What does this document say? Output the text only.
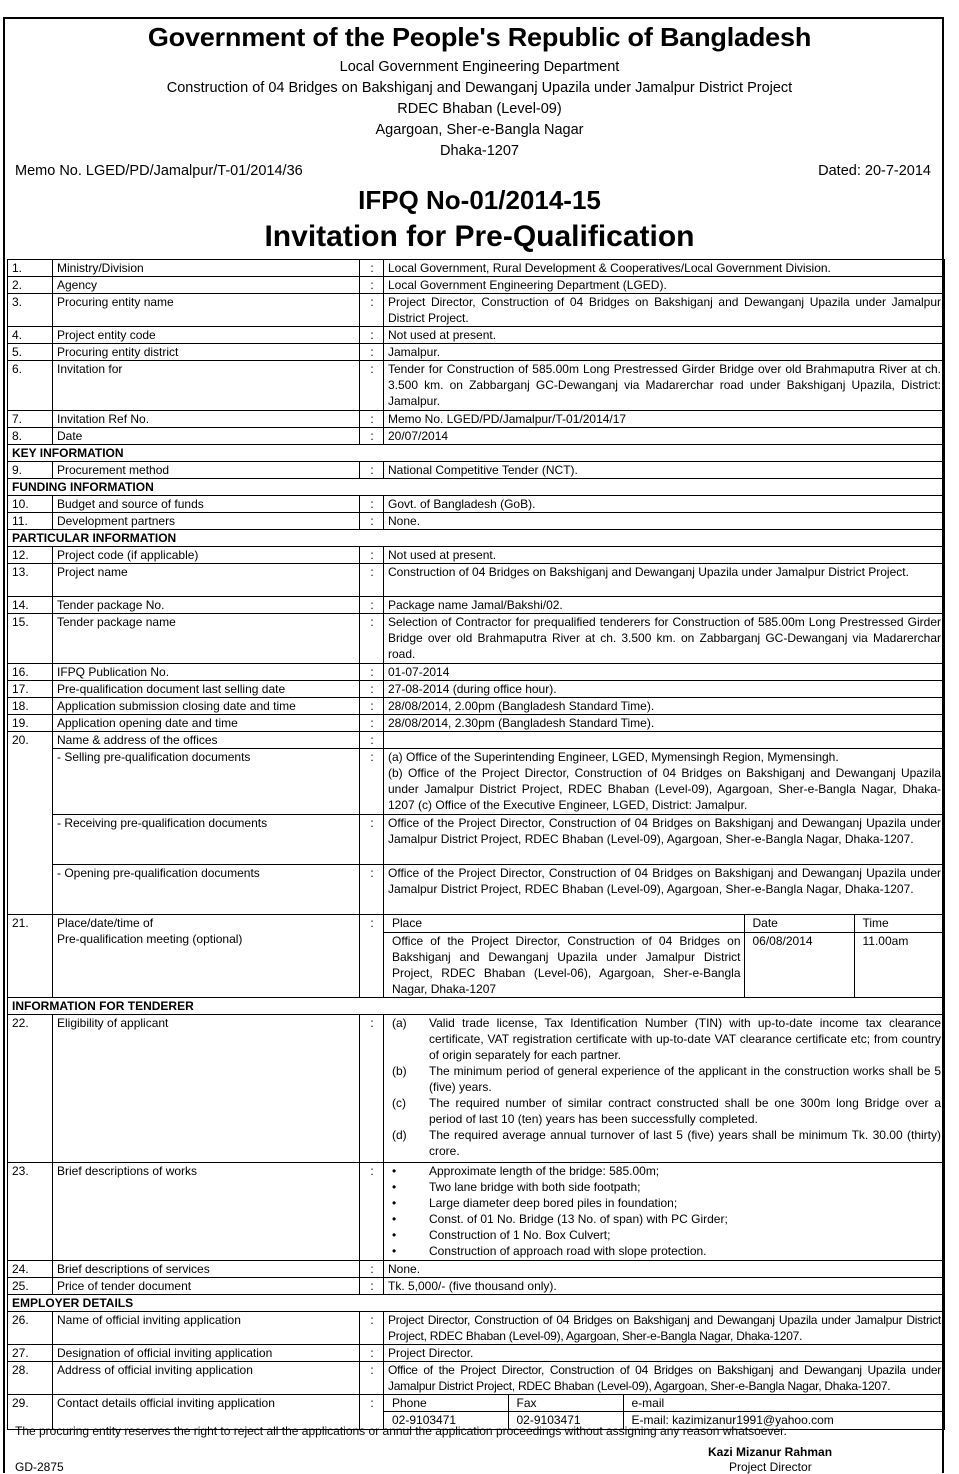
Government of the People's Republic of Bangladesh
Local Government Engineering Department
Construction of 04 Bridges on Bakshiganj and Dewanganj Upazila under Jamalpur District Project
RDEC Bhaban (Level-09)
Agargoan, Sher-e-Bangla Nagar
Dhaka-1207
Memo No. LGED/PD/Jamalpur/T-01/2014/36	Dated: 20-7-2014
IFPQ No-01/2014-15
Invitation for Pre-Qualification
1.	Ministry/Division	:	Local Government, Rural Development & Cooperatives/Local Government Division.
2.	Agency	:	Local Government Engineering Department (LGED).
3.	Procuring entity name	:	Project Director, Construction of 04 Bridges on Bakshiganj and Dewanganj Upazila under Jamalpur District Project.
4.	Project entity code	:	Not used at present.
5.	Procuring entity district	:	Jamalpur.
6.	Invitation for	:	Tender for Construction of 585.00m Long Prestressed Girder Bridge over old Brahmaputra River at ch. 3.500 km. on Zabbarganj GC-Dewanganj via Madarerchar road under Bakshiganj Upazila, District: Jamalpur.
7.	Invitation Ref No.	:	Memo No. LGED/PD/Jamalpur/T-01/2014/17
8.	Date	:	20/07/2014
KEY INFORMATION
9.	Procurement method	:	National Competitive Tender (NCT).
FUNDING INFORMATION
10.	Budget and source of funds	:	Govt. of Bangladesh (GoB).
11.	Development partners	:	None.
PARTICULAR INFORMATION
12.	Project code (if applicable)	:	Not used at present.
13.	Project name	:	Construction of 04 Bridges on Bakshiganj and Dewanganj Upazila under Jamalpur District Project.
14.	Tender package No.	:	Package name Jamal/Bakshi/02.
15.	Tender package name	:	Selection of Contractor for prequalified tenderers for Construction of 585.00m Long Prestressed Girder Bridge over old Brahmaputra River at ch. 3.500 km. on Zabbarganj GC-Dewanganj via Madarerchar road.
16.	IFPQ Publication No.	:	01-07-2014
17.	Pre-qualification document last selling date	:	27-08-2014 (during office hour).
18.	Application submission closing date and time	:	28/08/2014, 2.00pm (Bangladesh Standard Time).
19.	Application opening date and time	:	28/08/2014, 2.30pm (Bangladesh Standard Time).
20.	Name & address of the offices	:	
- Selling pre-qualification documents	:	(a) Office of the Superintending Engineer, LGED, Mymensingh Region, Mymensingh.
(b) Office of the Project Director, Construction of 04 Bridges on Bakshiganj and Dewanganj Upazila under Jamalpur District Project, RDEC Bhaban (Level-09), Agargoan, Sher-e-Bangla Nagar, Dhaka-1207 (c) Office of the Executive Engineer, LGED, District: Jamalpur.

- Receiving pre-qualification documents	:	Office of the Project Director, Construction of 04 Bridges on Bakshiganj and Dewanganj Upazila under Jamalpur District Project, RDEC Bhaban (Level-09), Agargoan, Sher-e-Bangla Nagar, Dhaka-1207.
- Opening pre-qualification documents	:	Office of the Project Director, Construction of 04 Bridges on Bakshiganj and Dewanganj Upazila under Jamalpur District Project, RDEC Bhaban (Level-09), Agargoan, Sher-e-Bangla Nagar, Dhaka-1207.
21.	Place/date/time of
Pre-qualification meeting (optional)
	:	Place	Date	Time
Office of the Project Director, Construction of 04 Bridges on Bakshiganj and Dewanganj Upazila under Jamalpur District Project, RDEC Bhaban (Level-06), Agargoan, Sher-e-Bangla Nagar, Dhaka-1207	06/08/2014	11.00am

INFORMATION FOR TENDERER
22.	Eligibility of applicant	:	(a)	Valid trade license, Tax Identification Number (TIN) with up-to-date income tax clearance certificate, VAT registration certificate with up-to-date VAT clearance certificate etc; from country of origin separately for each partner.
(b)	The minimum period of general experience of the applicant in the construction works shall be 5 (five) years.
(c)	The required number of similar contract constructed shall be one 300m long Bridge over a period of last 10 (ten) years has been successfully completed.
(d)	The required average annual turnover of last 5 (five) years shall be minimum Tk. 30.00 (thirty) crore.

23.	Brief descriptions of works	:	•	Approximate length of the bridge: 585.00m;
•	Two lane bridge with both side footpath;
•	Large diameter deep bored piles in foundation;
•	Const. of 01 No. Bridge (13 No. of span) with PC Girder;
•	Construction of 1 No. Box Culvert;
•	Construction of approach road with slope protection.

24.	Brief descriptions of services	:	None.
25.	Price of tender document	:	Tk. 5,000/- (five thousand only).
EMPLOYER DETAILS
26.	Name of official inviting application	:	Project Director, Construction of 04 Bridges on Bakshiganj and Dewanganj Upazila under Jamalpur District Project, RDEC Bhaban (Level-09), Agargoan, Sher-e-Bangla Nagar, Dhaka-1207.
27.	Designation of official inviting application	:	Project Director.
28.	Address of official inviting application	:	Office of the Project Director, Construction of 04 Bridges on Bakshiganj and Dewanganj Upazila under Jamalpur District Project, RDEC Bhaban (Level-09), Agargoan, Sher-e-Bangla Nagar, Dhaka-1207.
29.	Contact details official inviting application	:	Phone	Fax	e-mail
02-9103471	02-9103471	E-mail: kazimizanur1991@yahoo.com
The procuring entity reserves the right to reject all the applications or annul the application proceedings without assigning any reason whatsoever.
Kazi Mizanur Rahman
Project Director
GD-2875
